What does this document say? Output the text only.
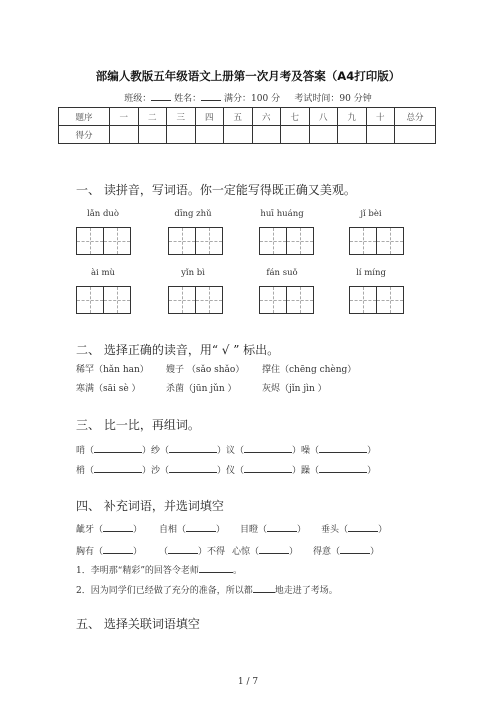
部编人教版五年级语文上册第一次月考及答案（A4打印版）
班级：	姓名：	满分：100 分 考试时间：90 分钟
题序	一	二	三	四	五	六	七	八	九	十	总分
得分											
一、 读拼音，写词语。你一定能写得既正确又美观。
lǎn duò	dīng zhǔ	huī huáng	jǐ bèi
ài mù	yǐn bì	fán suǒ	lí míng
二、 选择正确的读音，用“ √ ” 标出。
稀罕（hǎn han） 嫂子 （sǎo shǎo） 撑住（chēng chèng）
寒满（sāi sè ）	杀菌（jūn jǔn ）	灰烬（jǐn jìn ）
三、 比一比，再组词。
哨（	）纱（	）议（	）噪（	）
梢（	）沙（	）仪（	）躁（	）
四、 补充词语，并选词填空
龇牙（	） 自相（	） 目瞪（	） 垂头（	）
胸有（	） （	）不得 心惊（	） 得意（	）
1．李明那“精彩”的回答令老师	。
2．因为同学们已经做了充分的准备，所以都 地走进了考场。
五、 选择关联词语填空
1 / 7
